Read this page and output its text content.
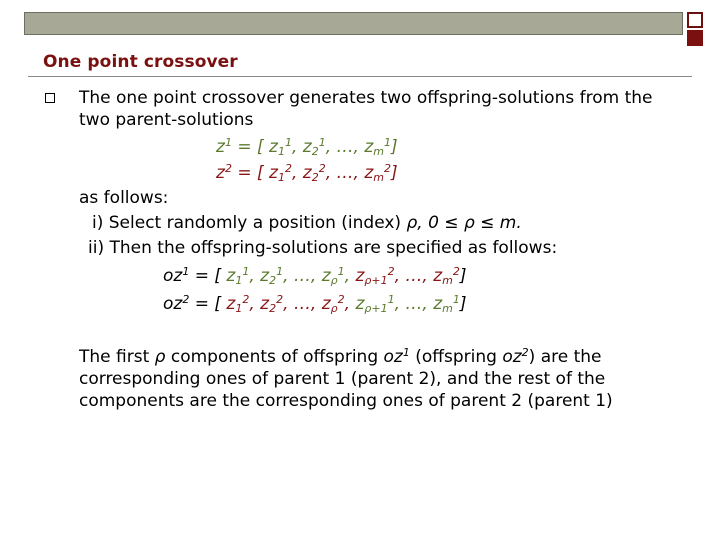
One point crossover
The one point crossover generates two offspring-solutions from the
two parent-solutions
$z^1$ = [ $z_1^1$, $z_2^1$, …, $z_m^1$]
$z^2$ = [ $z_1^2$, $z_2^2$, …, $z_m^2$]
as follows:
i) Select randomly a position (index) ρ, 0 ≤ ρ ≤ m.
ii) Then the offspring-solutions are specified as follows:
$oz^1$ = [ $z_1^1$, $z_2^1$, …, $z_\rho^1$, $z_{\rho+1}^2$, …, $z_m^2$]
$oz^2$ = [ $z_1^2$, $z_2^2$, …, $z_\rho^2$, $z_{\rho+1}^1$, …, $z_m^1$]
The first ρ components of offspring $oz^1$ (offspring $oz^2$) are the
corresponding ones of parent 1 (parent 2), and the rest of the
components are the corresponding ones of parent 2 (parent 1)
